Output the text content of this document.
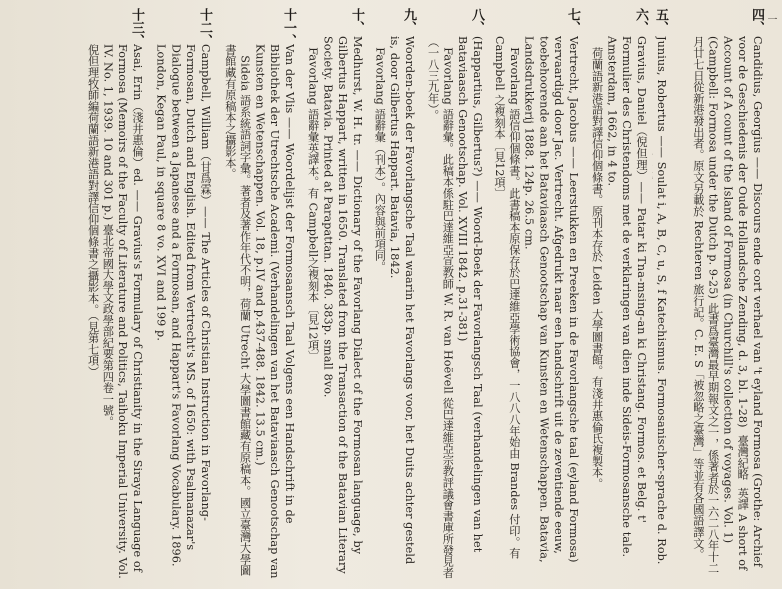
一
四、
Candidius, Georgius —— Discours ende cort verhael van 't eyland Formosa (Grothe: Archief voor de Geschiedenis der Oude Hollandsche Zending, d. 3, bl. 1-28)  臺灣紀略  英譯 A short of Account of A count of the Island of Formosa (in Churchill's collection of voyages. Vol. 1)
(Campbell: Formosa under the Dutch p. 9-25) 此書爲臺灣最早期報文之一，係著者於一六二八年十二月廿七日從新港發出者。原文另載於 Rechteren 旅行記。C. E. S「被忽略之臺灣」等並有各國語譯文。
五、
Junius, Robertus —— Soulat i, A, B, C, u, S, f Katechismus. Formosanischer-sprache d. Rob.
六、
Gravius, Daniel（倪但理）—— Patar ki Tna-msing-an ki Christang. Formos. et Belg. t' Formulier des Christendoms met de verklaringen van dien inde Sideis-Formosansche tale. Amsterdam, 1662, in 4 to.
　荷蘭語新港語對譯信仰個條書。原刊本存於 Leiden 大學圖書館。有淺井惠倫氏複製本。
七、
Vertrecht, Jacobus —— Leerstukken en Preeken in de Favorlangsche taal (eyland Formosa) vervaardigd door Jac. Vertrecht. Afgedrukt naar een handschrift uit de zeventiende eeuw, toebehoorende aan het Bataviaasch Genootschap van Kunsten en Wetenschappen. Batavia, Landsdrukkerij 1888. 124p. 26.5 cm.
　Favorlang 語信仰個條書。此書稿本原保存於巴達維亞學術協會，一八八八年始由 Brandes 付印。有 Campbell 之複刻本〔見12項〕
八、
(Happartius, Gilbertus?) —— Woord-Boek der Favorlangsch Taal (verhandelingen van het Bataviaasch Genootschap. Vol. XVIII 1842. p.31-381)
　Favorlang 語辭彙。此稿本係駐巴達維亞宣教師 W. R. van Hoëvell 從巴達維亞宗教評議會書庫所發見者（一八三九年）。
九、
Woorden-boek der Favorlangsche Taal waarin het Favorlangs voor, het Duits achter gesteld is, door Gilbertus Happart. Batavia, 1842.
　Favorlang 語辭彙（刊本）。內容與前項同。
十、
Medhurst, W. H. tr. —— Dictionary of the Favorlang Dialect of the Formosan language, by Gilbertus Happart, written in 1650. Translated from the Transaction of the Batavian Literary Society. Batavia. Printed at Parapattan. 1840. 383p. small 8vo.
　Favorlang 語辭彙英譯本。有 Campbell之複刻本〔見12項〕
十一、
Van der Vlis —— Woordelijst der Formosaansch Taal Volgens een Handschrift in de Bibliothek der Utrechtsche Academi. (Verhandelingen van het Bataviaasch Genootschap van Kunsten en Wetenschappen. Vol. 18, p.IV and p.437-488. 1842. 13.5 cm.)
　Sideia 語系統語詞字彙。著者及著作年代不明，荷蘭 Utrecht 大學圖書館藏有原稿本。國立臺灣大學圖書館藏有原稿本之攝影本。
十二、
Campbell, William（甘爲霖）—— The Articles of Christian Instruction in Favorlang-Formosan, Dutch and English. Edited from Vertrecht's MS. of 1650: with Psalmanazar's Dialogue between a Japanese and a Formosan, and Happart's Favorlang Vocabulary. 1896. London, Kegan Paul, in square 8 vo. XVI and 199 p.
十三、
Asai, Erin（淺井惠倫）ed. —— Gravius's Formulary of Christianity in the Siraya Language of Formosa (Memoirs of the Faculty of Literature and Politics, Taihoku Imperial University. Vol. IV. No. 1, 1939. 10 and 301 p.) 臺北帝國大學文政學部紀要第四卷一號。
倪但理牧師編荷蘭語新港語對譯信仰個條書之攝影本。（見第七項）
